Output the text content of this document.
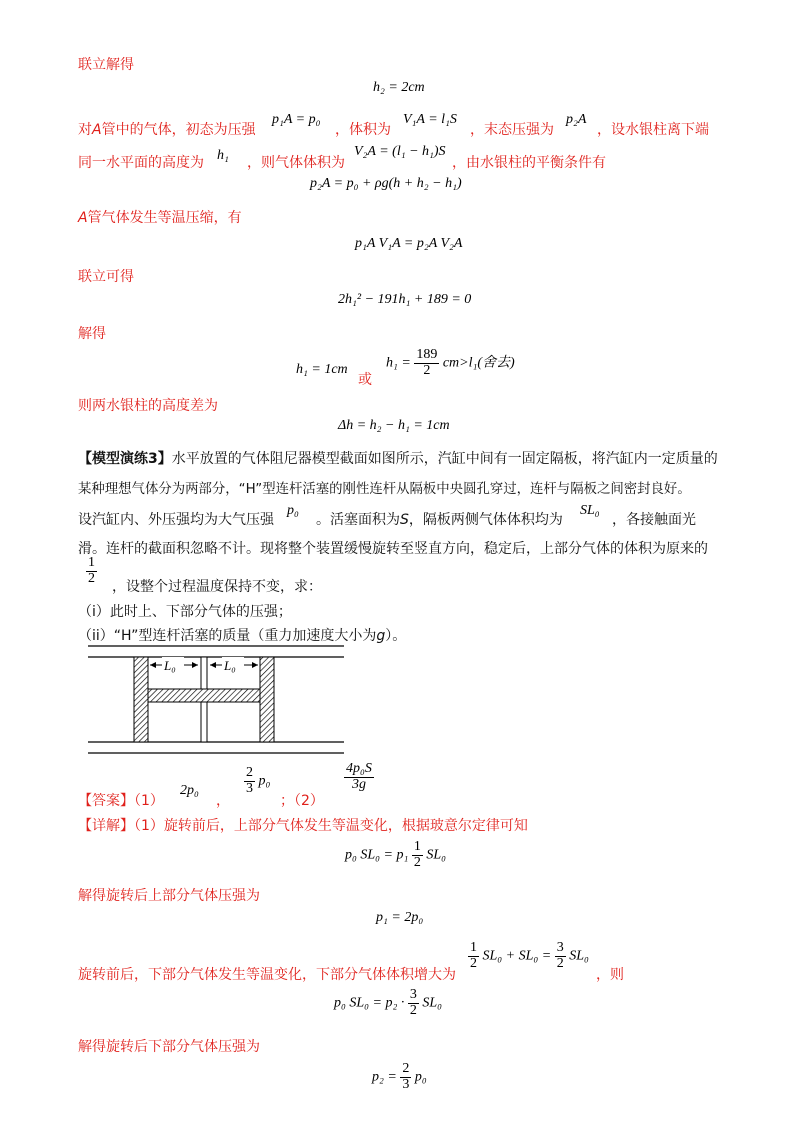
联立解得
h₂ = 2cm
对A管中的气体，初态为压强
p₁A = p₀
，体积为
V₁A = l₁S
，末态压强为
p₂A
，设水银柱离下端
同一水平面的高度为 h₁ ，则气体体积为
V₂A = (l₁ − h₁)S
，由水银柱的平衡条件有
p₂A = p₀ + ρg(h + h₂ − h₁)
A管气体发生等温压缩，有
p₁A V₁A = p₂A V₂A
联立可得
2h₁² − 191h₁ + 189 = 0
解得
h₁ = 1cm
或
$h_1 = \frac{189}{2} cm>l_1$(舍去)
则两水银柱的高度差为
Δh = h₂ − h₁ = 1cm
【模型演练3】水平放置的气体阻尼器模型截面如图所示，汽缸中间有一固定隔板，将汽缸内一定质量的
某种理想气体分为两部分，“H”型连杆活塞的刚性连杆从隔板中央圆孔穿过，连杆与隔板之间密封良好。
设汽缸内、外压强均为大气压强
p₀
。活塞面积为S，隔板两侧气体体积均为
SL₀
，各接触面光
滑。连杆的截面积忽略不计。现将整个装置缓慢旋转至竖直方向，稳定后，上部分气体的体积为原来的
$\frac{1}{2}$
，设整个过程温度保持不变，求：
（i）此时上、下部分气体的压强；
（ii）“H”型连杆活塞的质量（重力加速度大小为g）。
L₀	L₀
【答案】（1）
2p₀
，
$\frac{2}{3} p_0$
；（2）
$\frac{\text{4p₀S}}{3g}$
【详解】（1）旋转前后，上部分气体发生等温变化，根据玻意尔定律可知
p₀ $SL_0 = p_1 \frac{1}{2} SL_0$
解得旋转后上部分气体压强为
p₁ = 2p₀
旋转前后，下部分气体发生等温变化，下部分气体体积增大为
$\frac{1}{2} SL_0 + SL_0 = \frac{3}{2} SL_0$
，则
p₀ $SL_0 = p_2 \cdot \frac{3}{2} SL_0$
解得旋转后下部分气体压强为
$p_2 = \frac{2}{3} p_0$
